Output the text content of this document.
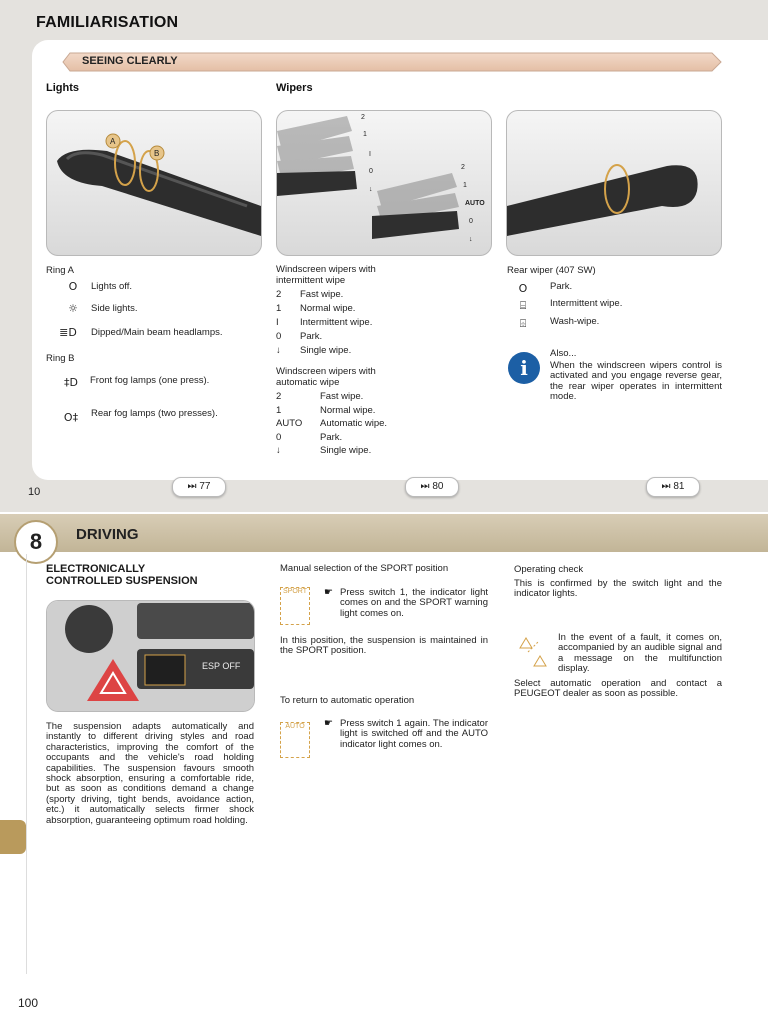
FAMILIARISATION
SEEING CLEARLY
Lights	Wipers
A
B
2
1
I
0
↓
2
1
AUTO
0
↓
Ring A
O	Lights off.
☼	Side lights.
≣D	Dipped/Main beam headlamps.
Ring B
‡D	Front fog lamps (one press).
O‡	Rear fog lamps (two presses).
Windscreen wipers with intermittent wipe
2 Fast wipe.
1 Normal wipe.
I Intermittent wipe.
0 Park.
↓ Single wipe.
Windscreen wipers with automatic wipe
2	Fast wipe.
1	Normal wipe.
AUTO Automatic wipe.
0	Park.
↓	Single wipe.
Rear wiper (407 SW)
O	Park.
⌸	Intermittent wipe.
⌹	Wash-wipe.
i
Also...
When the windscreen wipers control is activated and you engage reverse gear, the rear wiper operates in intermittent mode.
⏭ 77	⏭ 80	⏭ 81
10
8	DRIVING
ELECTRONICALLY
CONTROLLED SUSPENSION
ESP OFF
The suspension adapts automatically and instantly to different driving styles and road characteristics, improving the comfort of the occupants and the vehicle's road holding capabilities. The suspension favours smooth shock absorption, ensuring a comfortable ride, but as soon as conditions demand a change (sporty driving, tight bends, avoidance action, etc.) it automatically selects firmer shock absorption, guaranteeing optimum road holding.
Manual selection of the SPORT position
SPORT	☛ Press switch 1, the indicator light comes on and the SPORT warning light comes on.
In this position, the suspension is maintained in the SPORT position.
To return to automatic operation
AUTO	☛ Press switch 1 again. The indicator light is switched off and the AUTO indicator light comes on.
Operating check
This is confirmed by the switch light and the indicator lights.
In the event of a fault, it comes on, accompanied by an audible signal and a message on the multifunction display.
Select automatic operation and contact a PEUGEOT dealer as soon as possible.
100
